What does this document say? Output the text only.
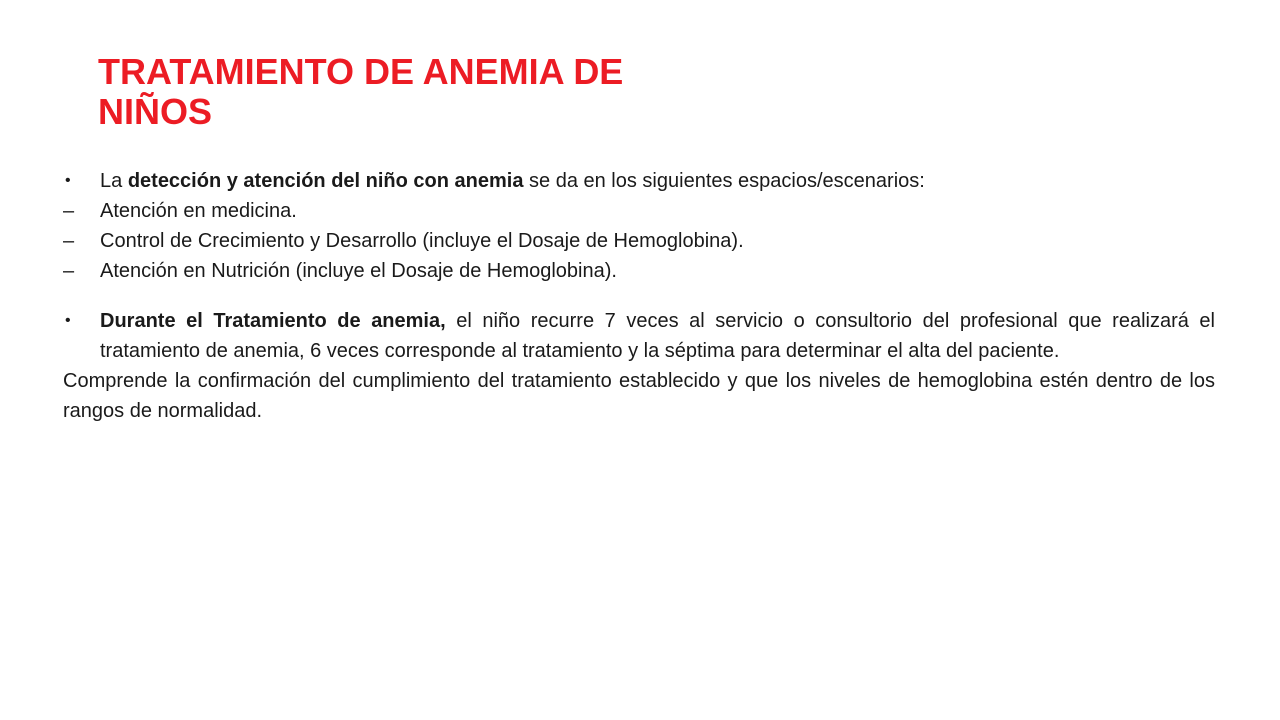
TRATAMIENTO DE ANEMIA DE
NIÑOS

•	La detección y atención del niño con anemia se da en los siguientes espacios/escenarios:

–	Atención en medicina.

–	Control de Crecimiento y Desarrollo (incluye el Dosaje de Hemoglobina).

–	Atención en Nutrición (incluye el Dosaje de Hemoglobina).

•	Durante el Tratamiento de anemia, el niño recurre 7 veces al servicio o consultorio del profesional que realizará el tratamiento de anemia, 6 veces corresponde al tratamiento y la séptima para determinar el alta del paciente.

Comprende la confirmación del cumplimiento del tratamiento establecido y que los niveles de hemoglobina estén dentro de los rangos de normalidad.
